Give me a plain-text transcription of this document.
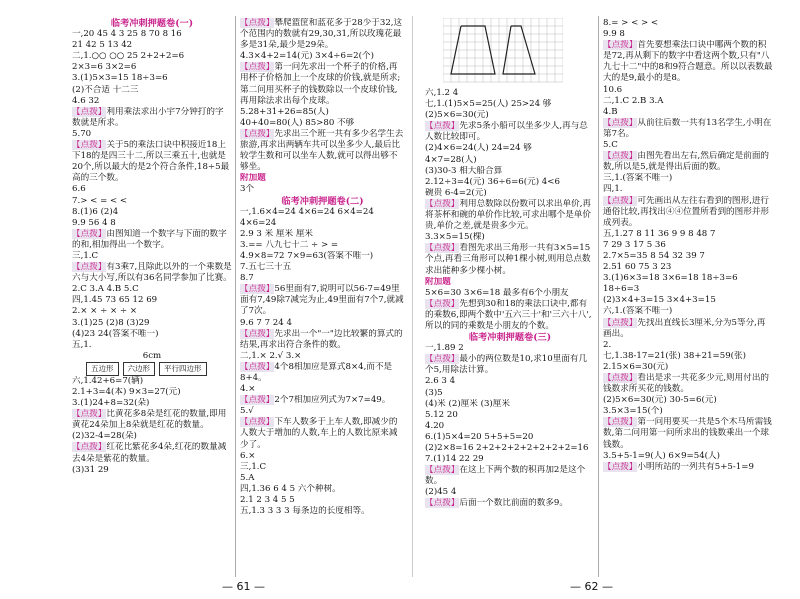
临考冲刺押题卷(一)
一,20 45 4 3 25 8 70 8 16
21 42 5 13 42
二,1.○○ ○○ 25 2+2+2=6
2×3=6 3×2=6
3.(1)5×3=15 18÷3=6
(2)不合适 十二三
4.6 32
【点拨】利用乘法求出小宇7分钟打的字数就是所求。
5.70
【点拨】关于5的乘法口诀中积接近18上下18的是四三十二,所以三乘五十,也就是20个,所以最大的是2个符合条件,18÷5最高的三个数。
6.6
7.> < = < <
8.(1)6 (2)4
9.9 56 4 8
【点拨】由图知道一个数字与下面的数字的和,相加得出一个数字。
三,1.C
【点拨】有3乘7,且除此以外的一个乘数是六与大小写,所以有36名同学参加了比赛。
2.C 3.A 4.B 5.C
四,1.45 73 65 12 69
2.× × ÷ × ÷ ×
3.(1)25 (2)8 (3)29
(4)23 24(答案不唯一)
五,1.
6cm
五边形	六边形	平行四边形
六,1.42+6=7(辆)
2.1+3=4(本) 9×3=27(元)
3.(1)24+8=32(朵)
【点拨】比黄花多8朵是红花的数量,即用黄花24朵加上8朵就是红花的数量。
(2)32-4=28(朵)
【点拨】红花比紫花多4朵,红花的数量减去4朵是紫花的数量。
(3)31 29
【点拨】攀爬篮筐和蓝花多于28少于32,这个范围内的数就有29,30,31,所以玫瑰花最多是31朵,最少是29朵。
4.3×4+2=14(元) 3×4÷6=2(个)
【点拨】第一问先求出一个杯子的价格,再用杯子价格加上一个皮球的价钱,就是所求;第二问用买杯子的钱数除以一个皮球价钱,再用除法求出每个皮球。
5.28+31+26=85(人)
40+40=80(人) 85>80 不够
【点拨】先求出三个班一共有多少名学生去旅游,再求出两辆车共可以坐多少人,最后比较学生数和可以坐车人数,就可以得出够不够坐。
附加题
3个
临考冲刺押题卷(二)
一,1.6×4=24 4×6=24 6×4=24
4×6=24
2.9 3 米 厘米 厘米
3.== 八九七十二 ÷ > =
4.9×8=72 7×9=63(答案不唯一)
7.五七三十五
8.7
【点拨】56里面有7,说明可以56-7=49里面有7,49除7减完为止,49里面有7个7,就减了7次。
9.6 7 7 24 4
【点拨】先求出一个"一"边比较繁的算式的结果,再求出符合条件的数。
二,1.× 2.√ 3.×
【点拨】4个8相加应是算式8×4,而不是8+4。
4.×
【点拨】2个7相加应列式为7×7=49。
5.√
【点拨】下车人数多于上车人数,即减少的人数大于增加的人数,车上的人数比原来减少了。
6.×
三,1.C
5.A
四,1.36 6 4 5 六个种树。
2.1 2 3 4 5 5
五,1.3 3 3 3 每条边的长度相等。
六,1.2 4
七,1.(1)5×5=25(人) 25>24 够
(2)5×6=30(元)
【点拨】先求5条小船可以坐多少人,再与总人数比较即可。
(2)4×6=24(人) 24=24 够
4×7=28(人)
(3)30-3 相大船合算
2.12÷3=4(元) 36÷6=6(元) 4<6
碗贵 6-4=2(元)
【点拨】利用总数除以份数可以求出单价,再将茶杯和碗的单价作比较,可求出哪个是单价贵,单价之差,就是贵多少元。
3.3×5=15(棵)
【点拨】看图先求出三角形一共有3×5=15个点,再看三角形可以种1棵小树,则用总点数求出能种多少棵小树。
附加题
5×6=30 3×6=18 最多有6个小朋友
【点拨】先想到30和18的乘法口诀中,都有的乘数6,即两个数中'五六三十'和'三六十八',所以的同的乘数是小朋友的个数。
临考冲刺押题卷(三)
一,1.89 2
【点拨】最小的两位数是10,求10里面有几个5,用除法计算。
2.6 3 4
(3)5
(4)米 (2)厘米 (3)厘米
5.12 20
4.20
6.(1)5×4=20 5+5+5=20
(2)2×8=16 2+2+2+2+2+2+2+2=16
7.(1)14 22 29
【点拨】在这上下两个数的积再加2是这个数。
(2)45 4
【点拨】后面一个数比前面的数多9。
8.= > < > <
9.9 8
【点拨】首先要想乘法口诀中哪两个数的积是72,再从剩下的数字中看这两个数,只有"八九七十二"中的8和9符合题意。所以以表数最大的是9,最小的是8。
10.6
二,1.C 2.B 3.A
4.B
【点拨】从前往后数一共有13名学生,小明在第7名。
5.C
【点拨】由图先看出左右,然后确定是前面的数,所以是5,就是得出后面的数。
三,1.(答案不唯一)
四,1.
【点拨】可先画出从左往右看到的图形,进行通俗比较,再找出④④位置所看到的图形并形成列表。
五,1.27 8 11 36 9 9 8 48 7
7 29 3 17 5 36
2.7×5=35 8 54 32 39 7
2.51 60 75 3 23
3.(1)6×3=18 3×6=18 18÷3=6
18÷6=3
(2)3×4+3=15 3×4+3=15
六,1.(答案不唯一)
【点拨】先找出直线长3厘米,分为5等分,再画出。
2.
七,1.38-17=21(张) 38+21=59(张)
2.15×6=30(元)
【点拨】看出是求一共花多少元,则用付出的钱数求所买花的钱数。
(2)5×6=30(元) 30-5=6(元)
3.5×3=15(个)
【点拨】第一问用要买一共是5个木马所需钱数,第二问用第一问所求出的钱数乘出一个球钱数。
3.5+5-1=9(人) 6×9=54(人)
【点拨】小明所站的一列共有5+5-1=9
— 61 —	— 62 —
